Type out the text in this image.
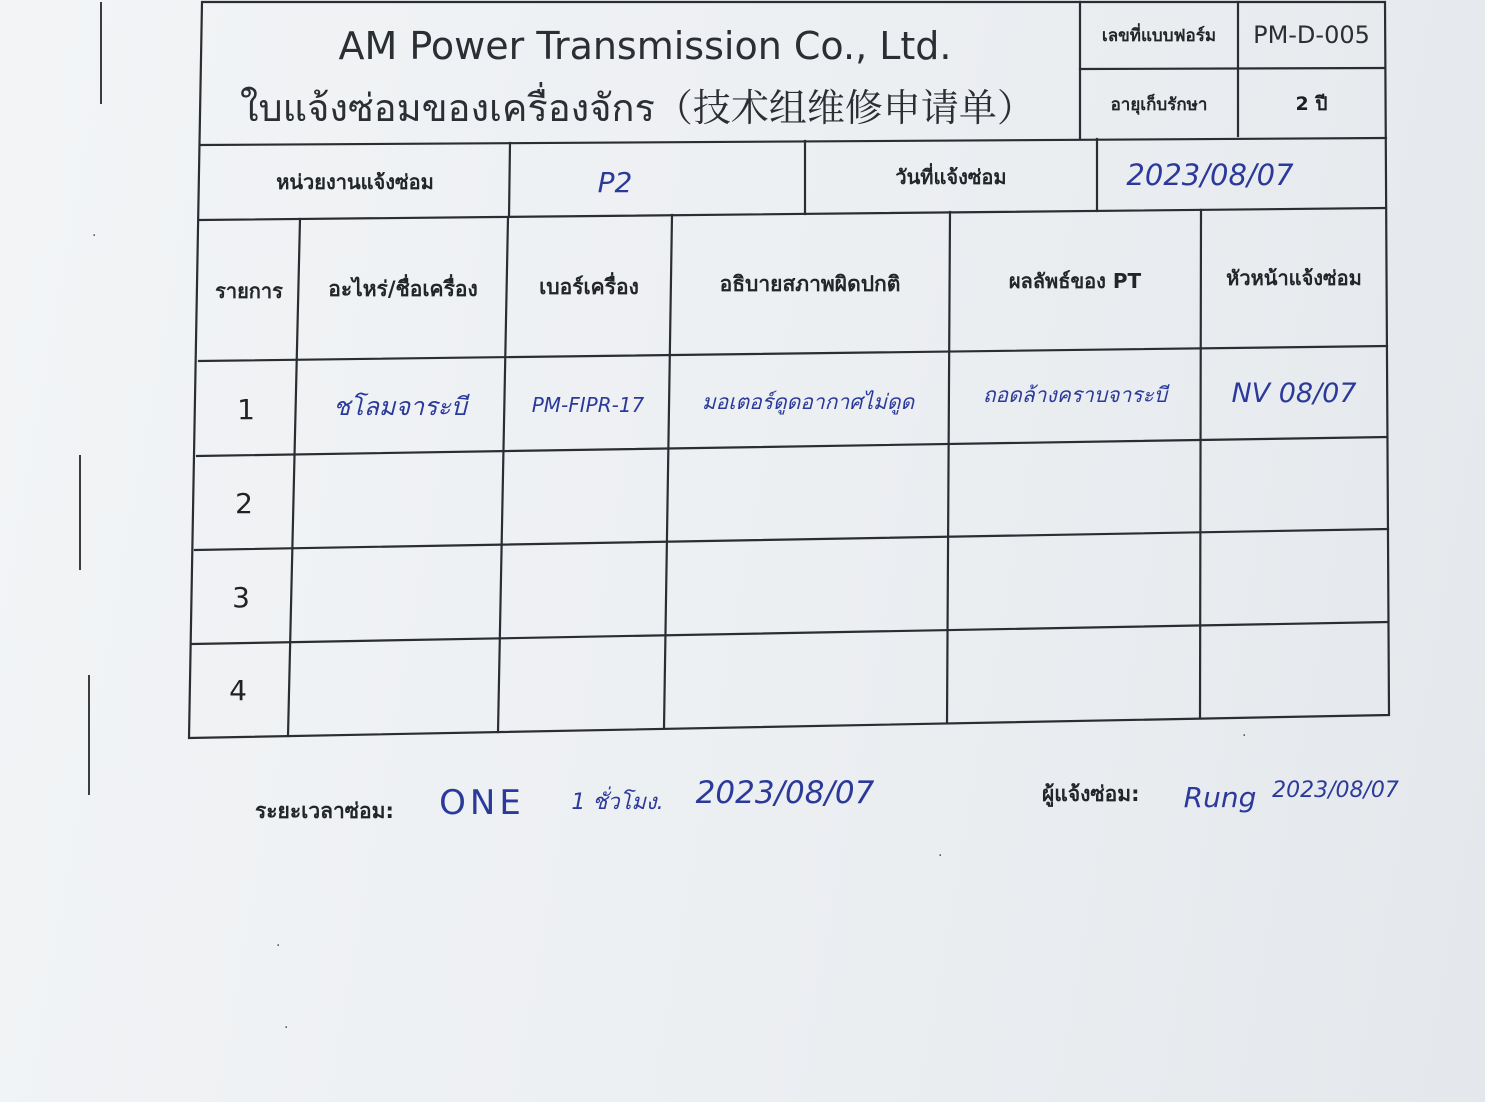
AM Power Transmission Co., Ltd.
ใบแจ้งซ่อมของเครื่องจักร（技术组维修申请单）
เลขที่แบบฟอร์ม	PM-D-005
อายุเก็บรักษา	2 ปี
หน่วยงานแจ้งซ่อม	P2	วันที่แจ้งซ่อม	2023/08/07
รายการ	อะไหร่/ชื่อเครื่อง	เบอร์เครื่อง	อธิบายสภาพผิดปกติ	ผลลัพธ์ของ PT	หัวหน้าแจ้งซ่อม
1	ชโลมจาระบี	PM-FIPR-17	มอเตอร์ดูดอากาศไม่ดูด	ถอดล้างคราบจาระบี	NV 08/07
2
3
4
ระยะเวลาซ่อม:	ONE	1 ชั่วโมง.	2023/08/07	ผู้แจ้งซ่อม:	Rung 2023/08/07
·
·
·
·
·
